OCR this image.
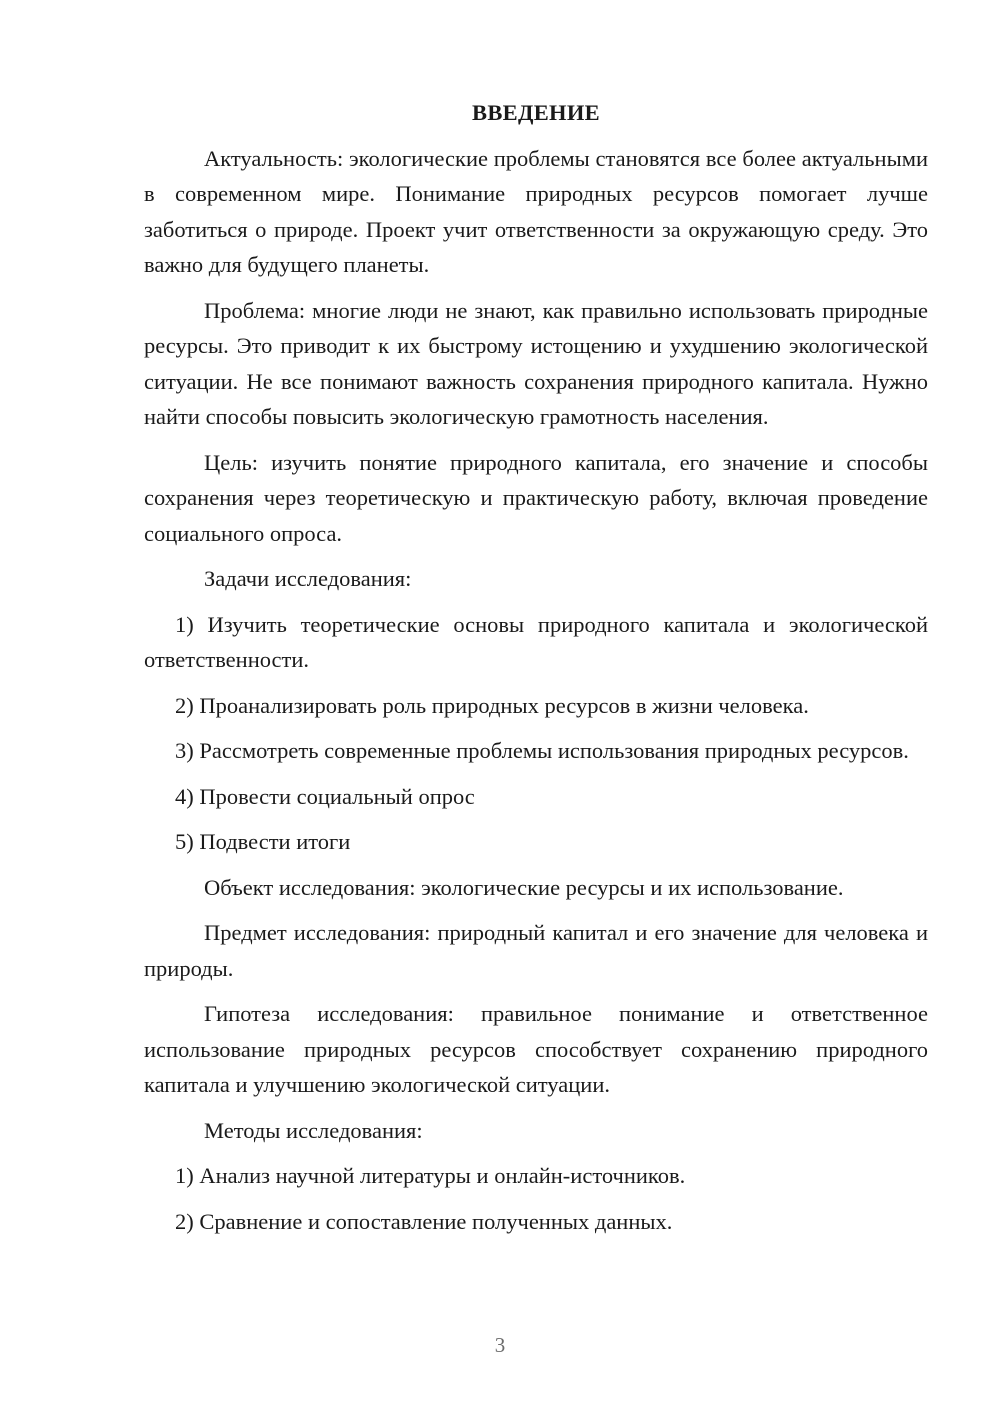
ВВЕДЕНИЕ

Актуальность: экологические проблемы становятся все более актуальными в современном мире. Понимание природных ресурсов помогает лучше заботиться о природе. Проект учит ответственности за окружающую среду. Это важно для будущего планеты.

Проблема: многие люди не знают, как правильно использовать природные ресурсы. Это приводит к их быстрому истощению и ухудшению экологической ситуации. Не все понимают важность сохранения природного капитала. Нужно найти способы повысить экологическую грамотность населения.

Цель: изучить понятие природного капитала, его значение и способы сохранения через теоретическую и практическую работу, включая проведение социального опроса.

Задачи исследования:

1) Изучить теоретические основы природного капитала и экологической ответственности.

2) Проанализировать роль природных ресурсов в жизни человека.

3) Рассмотреть современные проблемы использования природных ресурсов.

4) Провести социальный опрос

5) Подвести итоги

Объект исследования: экологические ресурсы и их использование.

Предмет исследования: природный капитал и его значение для человека и природы.

Гипотеза исследования: правильное понимание и ответственное использование природных ресурсов способствует сохранению природного капитала и улучшению экологической ситуации.

Методы исследования:

1) Анализ научной литературы и онлайн-источников.

2) Сравнение и сопоставление полученных данных.

3
